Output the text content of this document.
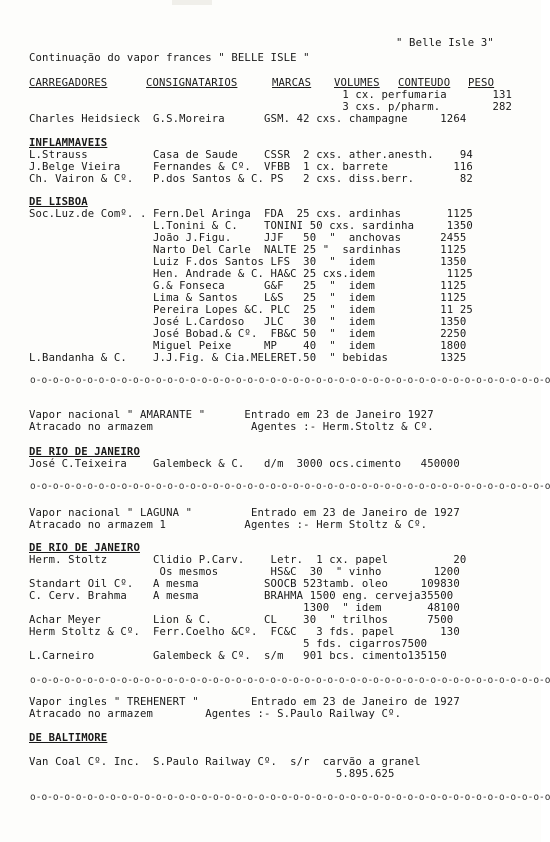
" Belle Isle 3"
Continuação do vapor frances " BELLE ISLE "
CARREGADORES	CONSIGNATARIOS	MARCAS VOLUMES CONTEUDO PESO
1 cx. perfumaria       131
3 cxs. p/pharm.        282
Charles Heidsieck  G.S.Moreira      GSM. 42 cxs. champagne     1264
INFLAMMAVEIS
L.Strauss          Casa de Saude    CSSR  2 cxs. ather.anesth.    94
J.Belge Vieira     Fernandes & Cº.  VFBB  1 cx. barrete          116
Ch. Vairon & Cº.   P.dos Santos & C. PS   2 cxs. diss.berr.       82
DE LISBOA
Soc.Luz.de Comº. . Fern.Del Aringa  FDA  25 cxs. ardinhas       1125
L.Tonini & C.    TONINI 50 cxs. sardinha     1350
João J.Figu.     JJF   50  "  anchovas      2455
Narto Del Carle  NALTE 25 "  sardinhas      1125
Luiz F.dos Santos LFS  30  "  idem          1350
Hen. Andrade & C. HA&C 25 cxs.idem           1125
G.& Fonseca      G&F   25  "  idem          1125
Lima & Santos    L&S   25  "  idem          1125
Pereira Lopes &C. PLC  25  "  idem          11 25
José L.Cardoso   JLC   30  "  idem          1350
José Bobad.& Cº.  FB&C 50  "  idem          2250
Miguel Peixe     MP    40  "  idem          1800
L.Bandanha & C.    J.J.Fig. & Cia.MELERET.50  " bebidas        1325
o-o-o-o-o-o-o-o-o-o-o-o-o-o-o-o-o-o-o-o-o-o-o-o-o-o-o-o-o-o-o-o-o-o-o-o-o-o-o-o-o-o-o-o-o-o
Vapor nacional " AMARANTE "      Entrado em 23 de Janeiro 1927
Atracado no armazem               Agentes :- Herm.Stoltz & Cº.
DE RIO DE JANEIRO
José C.Teixeira    Galembeck & C.   d/m  3000 ocs.cimento   450000
o-o-o-o-o-o-o-o-o-o-o-o-o-o-o-o-o-o-o-o-o-o-o-o-o-o-o-o-o-o-o-o-o-o-o-o-o-o-o-o-o-o-o-o-o-o
Vapor nacional " LAGUNA "         Entrado em 23 de Janeiro de 1927
Atracado no armazem 1            Agentes :- Herm Stoltz & Cº.
DE RIO DE JANEIRO
Herm. Stoltz       Clidio P.Carv.    Letr.  1 cx. papel          20
Os mesmos        HS&C  30  " vinho        1200
Standart Oil Cº.   A mesma          SOOCB 523tamb. oleo     109830
C. Cerv. Brahma    A mesma          BRAHMA 1500 eng. cerveja35500
1300  " idem       48100
Achar Meyer        Lion & C.        CL    30  " trilhos      7500
Herm Stoltz & Cº.  Ferr.Coelho &Cº.  FC&C   3 fds. papel       130
5 fds. cigarros7500
L.Carneiro         Galembeck & Cº.  s/m   901 bcs. cimento135150
o-o-o-o-o-o-o-o-o-o-o-o-o-o-o-o-o-o-o-o-o-o-o-o-o-o-o-o-o-o-o-o-o-o-o-o-o-o-o-o-o-o-o-o-o-o
Vapor ingles " TREHENERT "        Entrado em 23 de Janeiro de 1927
Atracado no armazem        Agentes :- S.Paulo Railway Cº.
DE BALTIMORE
Van Coal Cº. Inc.  S.Paulo Railway Cº.  s/r  carvão a granel
5.895.625
o-o-o-o-o-o-o-o-o-o-o-o-o-o-o-o-o-o-o-o-o-o-o-o-o-o-o-o-o-o-o-o-o-o-o-o-o-o-o-o-o-o-o-o-o-o
